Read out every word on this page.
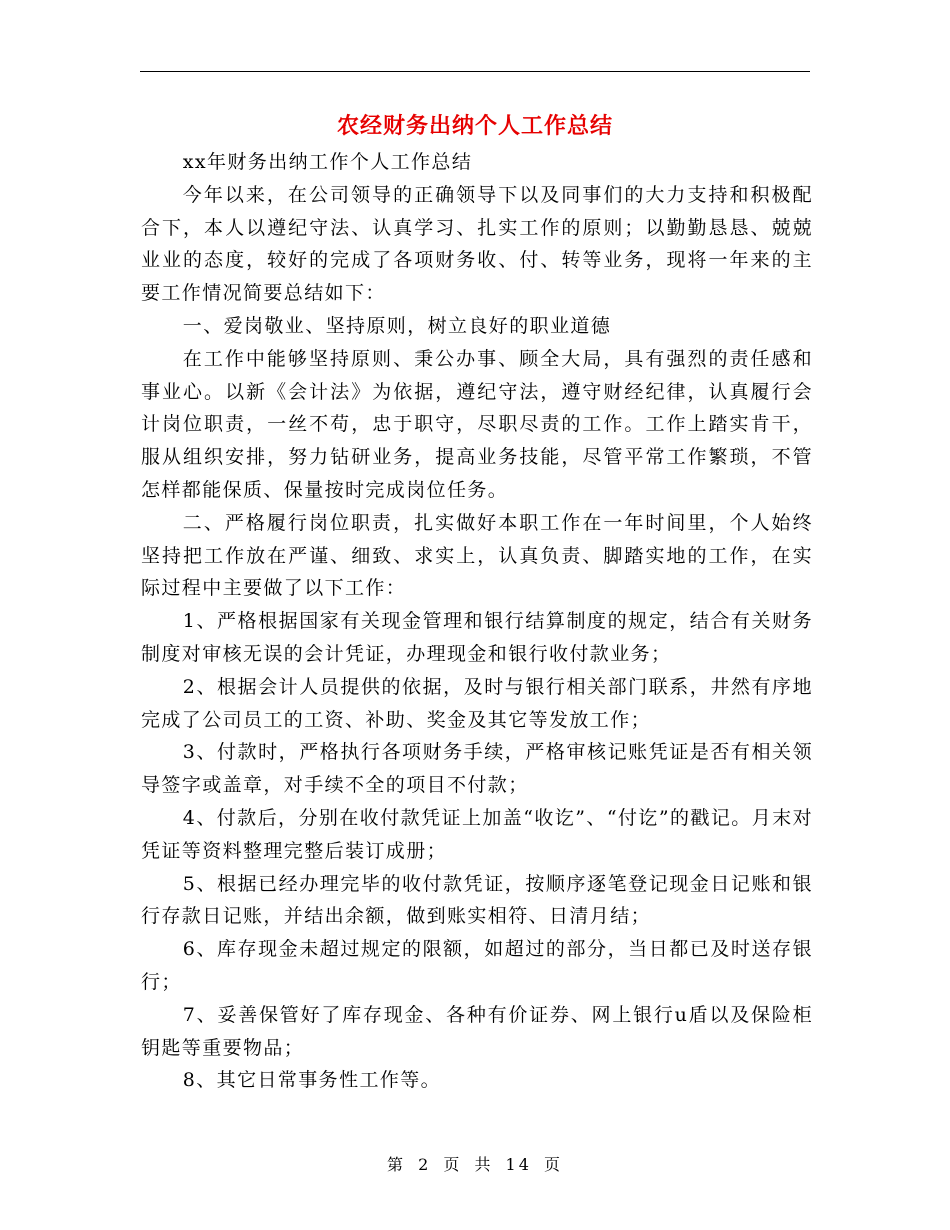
农经财务出纳个人工作总结

xx年财务出纳工作个人工作总结

今年以来，在公司领导的正确领导下以及同事们的大力支持和积极配合下，本人以遵纪守法、认真学习、扎实工作的原则；以勤勤恳恳、兢兢业业的态度，较好的完成了各项财务收、付、转等业务，现将一年来的主要工作情况简要总结如下：

一、爱岗敬业、坚持原则，树立良好的职业道德

在工作中能够坚持原则、秉公办事、顾全大局，具有强烈的责任感和事业心。以新《会计法》为依据，遵纪守法，遵守财经纪律，认真履行会计岗位职责，一丝不苟，忠于职守，尽职尽责的工作。工作上踏实肯干，服从组织安排，努力钻研业务，提高业务技能，尽管平常工作繁琐，不管怎样都能保质、保量按时完成岗位任务。

二、严格履行岗位职责，扎实做好本职工作在一年时间里，个人始终坚持把工作放在严谨、细致、求实上，认真负责、脚踏实地的工作，在实际过程中主要做了以下工作：

1、严格根据国家有关现金管理和银行结算制度的规定，结合有关财务制度对审核无误的会计凭证，办理现金和银行收付款业务；

2、根据会计人员提供的依据，及时与银行相关部门联系，井然有序地完成了公司员工的工资、补助、奖金及其它等发放工作；

3、付款时，严格执行各项财务手续，严格审核记账凭证是否有相关领导签字或盖章，对手续不全的项目不付款；

4、付款后，分别在收付款凭证上加盖“收讫”、“付讫”的戳记。月末对凭证等资料整理完整后装订成册；

5、根据已经办理完毕的收付款凭证，按顺序逐笔登记现金日记账和银行存款日记账，并结出余额，做到账实相符、日清月结；

6、库存现金未超过规定的限额，如超过的部分，当日都已及时送存银行；

7、妥善保管好了库存现金、各种有价证券、网上银行u盾以及保险柜钥匙等重要物品；

8、其它日常事务性工作等。

第 2 页 共 14 页
